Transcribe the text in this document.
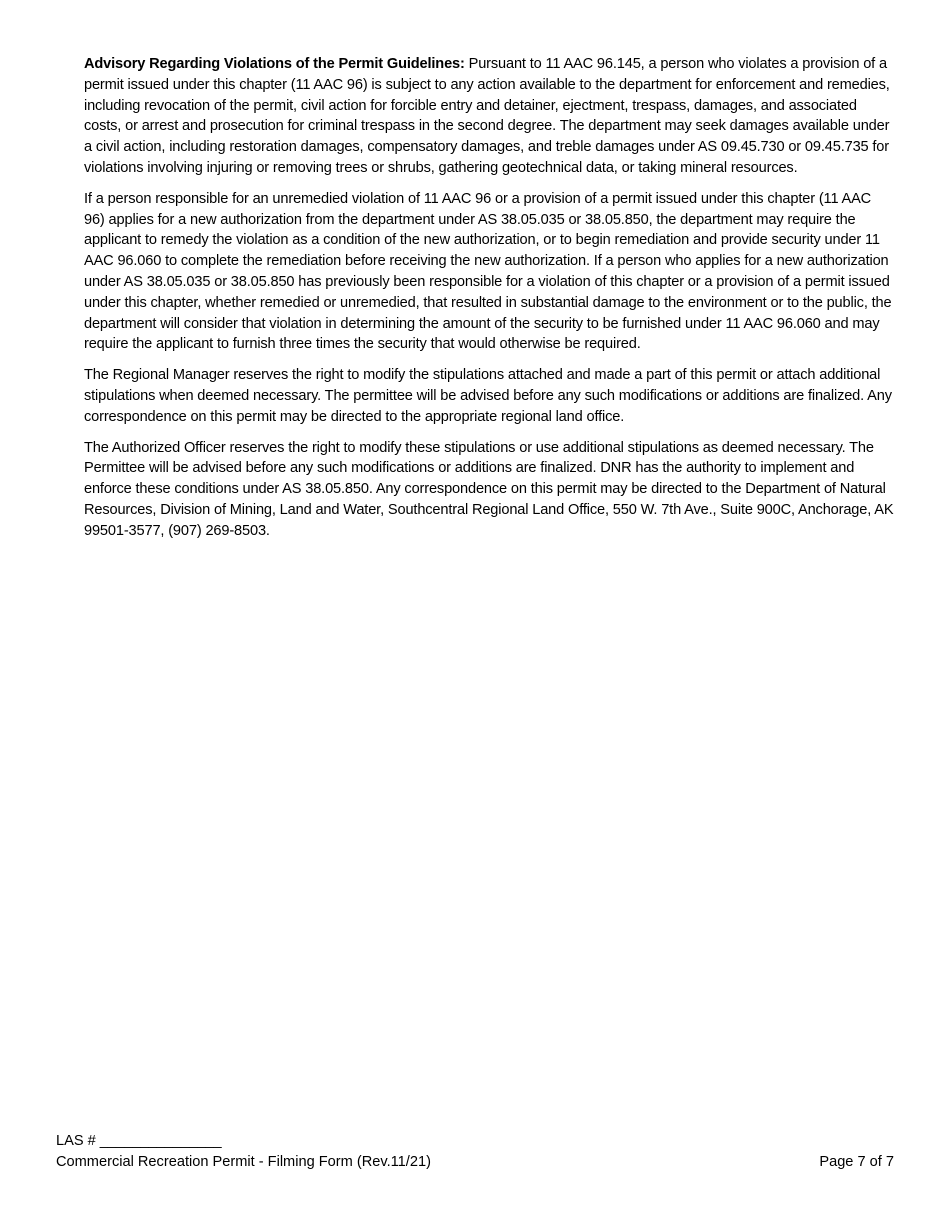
Advisory Regarding Violations of the Permit Guidelines: Pursuant to 11 AAC 96.145, a person who violates a provision of a permit issued under this chapter (11 AAC 96) is subject to any action available to the department for enforcement and remedies, including revocation of the permit, civil action for forcible entry and detainer, ejectment, trespass, damages, and associated costs, or arrest and prosecution for criminal trespass in the second degree. The department may seek damages available under a civil action, including restoration damages, compensatory damages, and treble damages under AS 09.45.730 or 09.45.735 for violations involving injuring or removing trees or shrubs, gathering geotechnical data, or taking mineral resources.

If a person responsible for an unremedied violation of 11 AAC 96 or a provision of a permit issued under this chapter (11 AAC 96) applies for a new authorization from the department under AS 38.05.035 or 38.05.850, the department may require the applicant to remedy the violation as a condition of the new authorization, or to begin remediation and provide security under 11 AAC 96.060 to complete the remediation before receiving the new authorization. If a person who applies for a new authorization under AS 38.05.035 or 38.05.850 has previously been responsible for a violation of this chapter or a provision of a permit issued under this chapter, whether remedied or unremedied, that resulted in substantial damage to the environment or to the public, the department will consider that violation in determining the amount of the security to be furnished under 11 AAC 96.060 and may require the applicant to furnish three times the security that would otherwise be required.

The Regional Manager reserves the right to modify the stipulations attached and made a part of this permit or attach additional stipulations when deemed necessary. The permittee will be advised before any such modifications or additions are finalized. Any correspondence on this permit may be directed to the appropriate regional land office.

The Authorized Officer reserves the right to modify these stipulations or use additional stipulations as deemed necessary. The Permittee will be advised before any such modifications or additions are finalized. DNR has the authority to implement and enforce these conditions under AS 38.05.850. Any correspondence on this permit may be directed to the Department of Natural Resources, Division of Mining, Land and Water, Southcentral Regional Land Office, 550 W. 7th Ave., Suite 900C, Anchorage, AK 99501-3577, (907) 269-8503.

LAS # _______________
Commercial Recreation Permit - Filming Form (Rev.11/21)	Page 7 of 7
